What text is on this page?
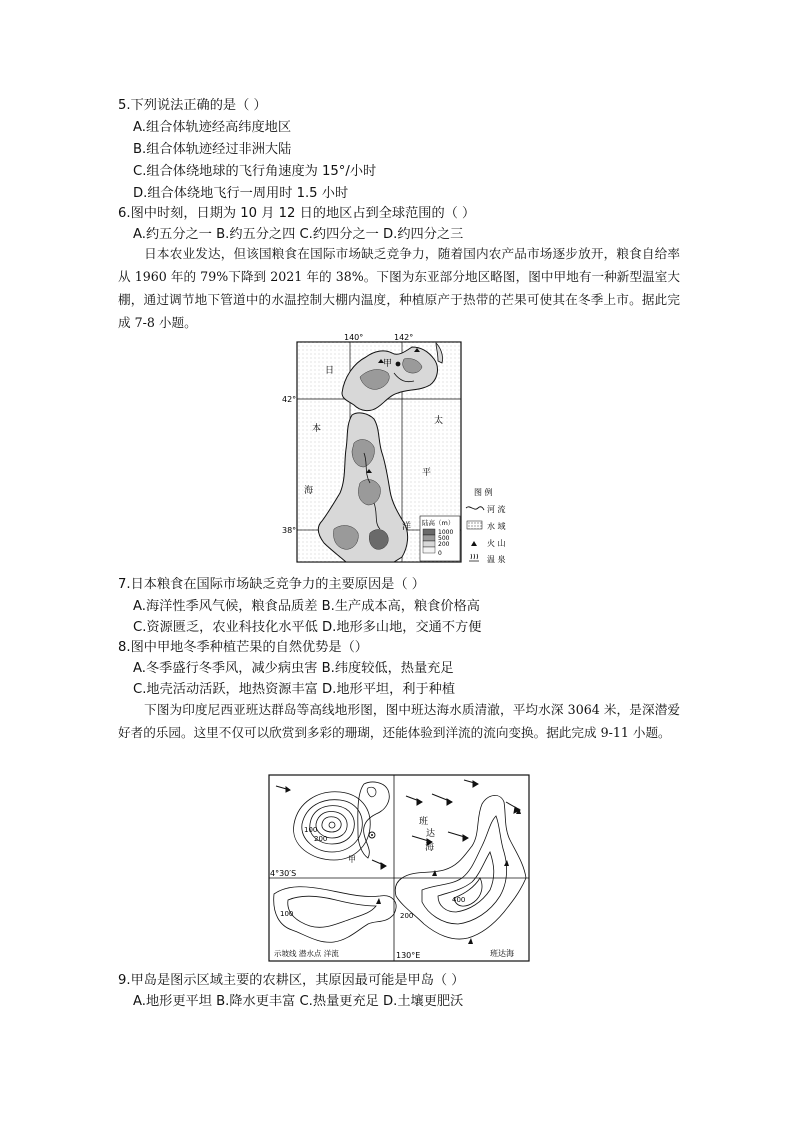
5.下列说法正确的是（ ）
A.组合体轨迹经高纬度地区
B.组合体轨迹经过非洲大陆
C.组合体绕地球的飞行角速度为 15°/小时
D.组合体绕地飞行一周用时 1.5 小时
6.图中时刻，日期为 10 月 12 日的地区占到全球范围的（ ）
A.约五分之一 B.约五分之四 C.约四分之一 D.约四分之三
日本农业发达，但该国粮食在国际市场缺乏竞争力，随着国内农产品市场逐步放开，粮食自给率从 1960 年的 79%下降到 2021 年的 38%。下图为东亚部分地区略图，图中甲地有一种新型温室大棚，通过调节地下管道中的水温控制大棚内温度，种植原产于热带的芒果可使其在冬季上市。据此完成 7-8 小题。
甲
140°	142°
42°
38°
日
本
海
太
平
洋 陆高（m）
1000
500
200
0
图 例
河 流
水 域
火 山
温 泉
7.日本粮食在国际市场缺乏竞争力的主要原因是（ ）
A.海洋性季风气候，粮食品质差 B.生产成本高，粮食价格高
C.资源匮乏，农业科技化水平低 D.地形多山地，交通不方便
8.图中甲地冬季种植芒果的自然优势是（）
A.冬季盛行冬季风，减少病虫害 B.纬度较低，热量充足
C.地壳活动活跃，地热资源丰富 D.地形平坦，利于种植
下图为印度尼西亚班达群岛等高线地形图，图中班达海水质清澈，平均水深 3064 米，是深潜爱好者的乐园。这里不仅可以欣赏到多彩的珊瑚，还能体验到洋流的流向变换。据此完成 9-11 小题。
200
100
甲
200
400
100
班
达
海
班达海
4°30′S
130°E
示坡线 潜水点 洋流
9.甲岛是图示区域主要的农耕区，其原因最可能是甲岛（ ）
A.地形更平坦 B.降水更丰富 C.热量更充足 D.土壤更肥沃
